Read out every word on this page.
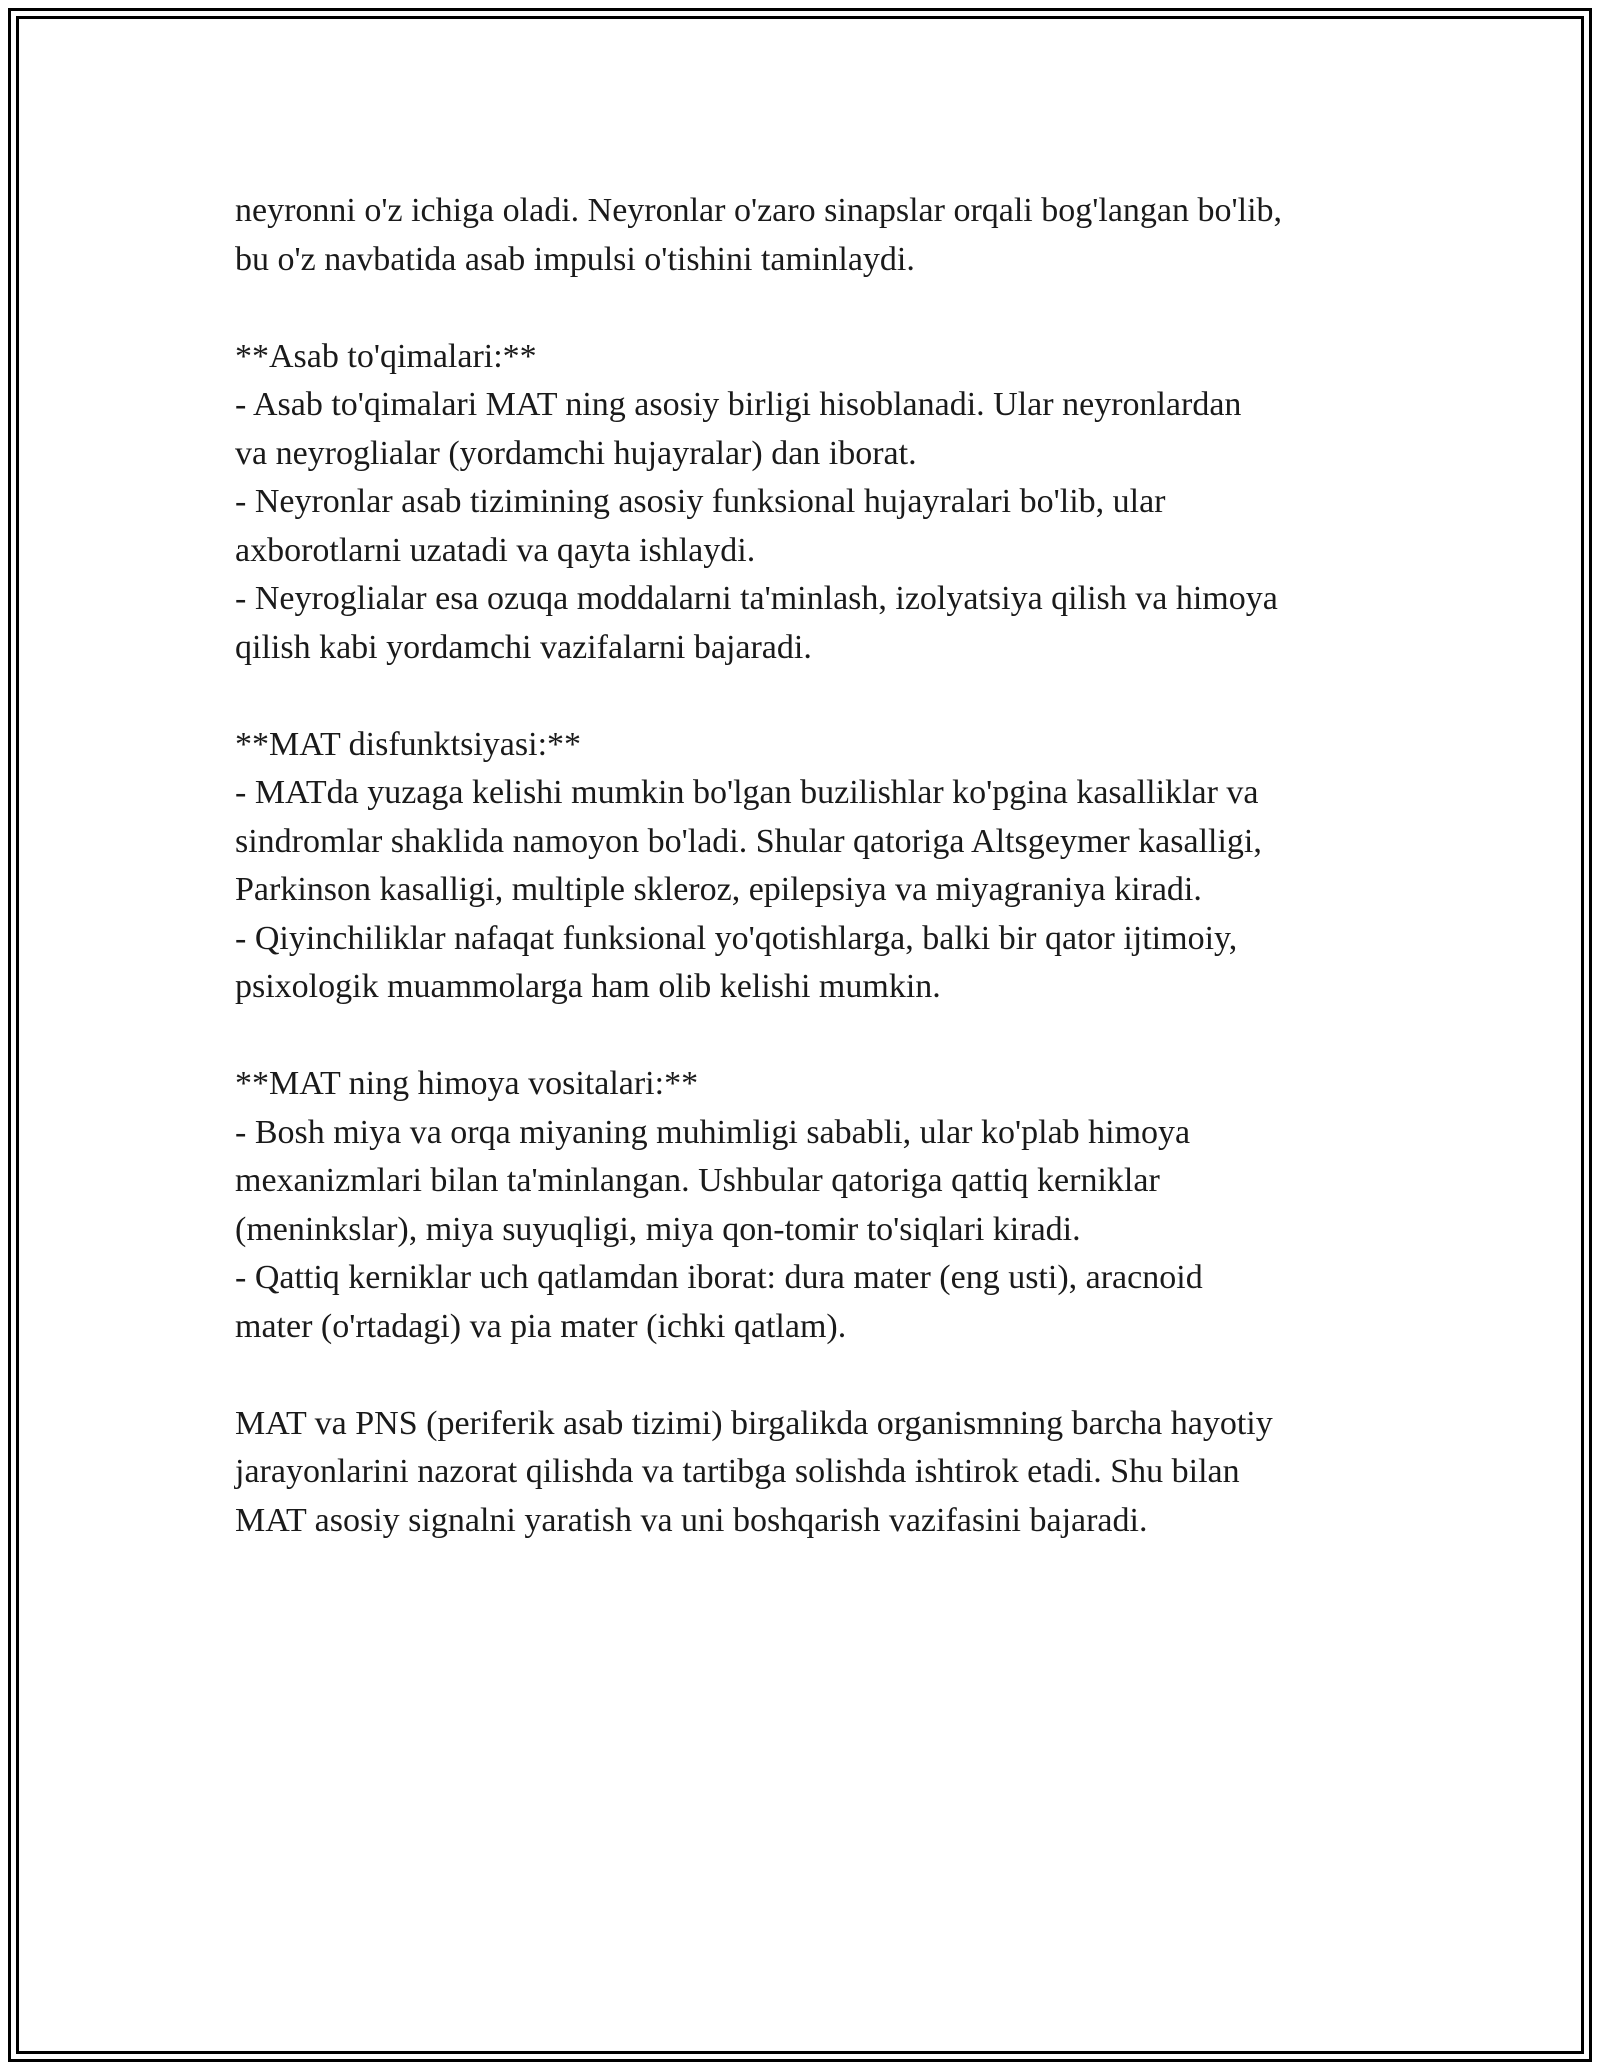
neyronni o'z ichiga oladi. Neyronlar o'zaro sinapslar orqali bog'langan bo'lib,
bu o'z navbatida asab impulsi o'tishini taminlaydi.
**Asab to'qimalari:**
- Asab to'qimalari MAT ning asosiy birligi hisoblanadi. Ular neyronlardan
va neyroglialar (yordamchi hujayralar) dan iborat.
- Neyronlar asab tizimining asosiy funksional hujayralari bo'lib, ular
axborotlarni uzatadi va qayta ishlaydi.
- Neyroglialar esa ozuqa moddalarni ta'minlash, izolyatsiya qilish va himoya
qilish kabi yordamchi vazifalarni bajaradi.
**MAT disfunktsiyasi:**
- MATda yuzaga kelishi mumkin bo'lgan buzilishlar ko'pgina kasalliklar va
sindromlar shaklida namoyon bo'ladi. Shular qatoriga Altsgeymer kasalligi,
Parkinson kasalligi, multiple skleroz, epilepsiya va miyagraniya kiradi.
- Qiyinchiliklar nafaqat funksional yo'qotishlarga, balki bir qator ijtimoiy,
psixologik muammolarga ham olib kelishi mumkin.
**MAT ning himoya vositalari:**
- Bosh miya va orqa miyaning muhimligi sababli, ular ko'plab himoya
mexanizmlari bilan ta'minlangan. Ushbular qatoriga qattiq kerniklar
(meninkslar), miya suyuqligi, miya qon-tomir to'siqlari kiradi.
- Qattiq kerniklar uch qatlamdan iborat: dura mater (eng usti), aracnoid
mater (o'rtadagi) va pia mater (ichki qatlam).
MAT va PNS (periferik asab tizimi) birgalikda organismning barcha hayotiy
jarayonlarini nazorat qilishda va tartibga solishda ishtirok etadi. Shu bilan
MAT asosiy signalni yaratish va uni boshqarish vazifasini bajaradi.
